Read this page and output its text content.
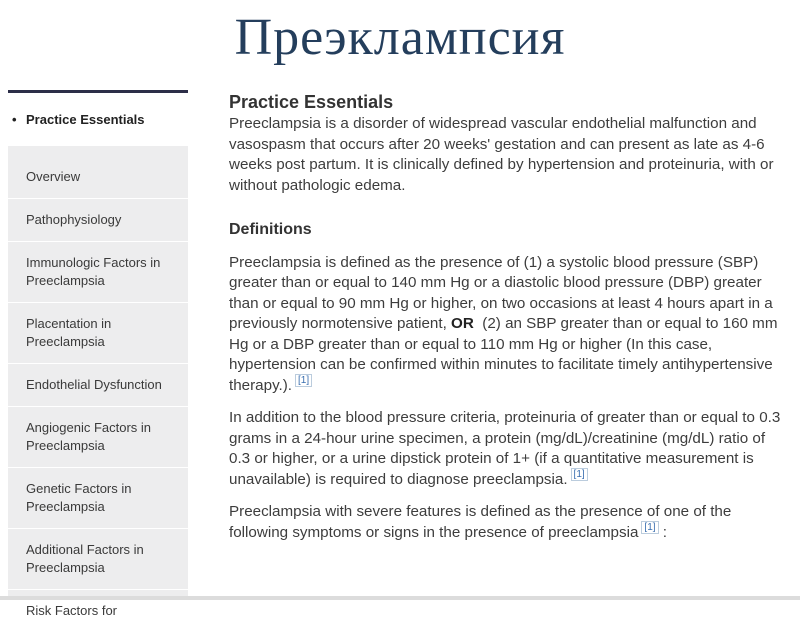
Преэклампсия
• Practice Essentials
Overview
Pathophysiology
Immunologic Factors in Preeclampsia
Placentation in Preeclampsia
Endothelial Dysfunction
Angiogenic Factors in Preeclampsia
Genetic Factors in Preeclampsia
Additional Factors in Preeclampsia
Risk Factors for
Practice Essentials

Preeclampsia is a disorder of widespread vascular endothelial malfunction and vasospasm that occurs after 20 weeks' gestation and can present as late as 4-6 weeks post partum. It is clinically defined by hypertension and proteinuria, with or without pathologic edema.

Definitions

Preeclampsia is defined as the presence of (1) a systolic blood pressure (SBP) greater than or equal to 140 mm Hg or a diastolic blood pressure (DBP) greater than or equal to 90 mm Hg or higher, on two occasions at least 4 hours apart in a previously normotensive patient, OR (2) an SBP greater than or equal to 160 mm Hg or a DBP greater than or equal to 110 mm Hg or higher (In this case, hypertension can be confirmed within minutes to facilitate timely antihypertensive therapy.). [1]

In addition to the blood pressure criteria, proteinuria of greater than or equal to 0.3 grams in a 24-hour urine specimen, a protein (mg/dL)/creatinine (mg/dL) ratio of 0.3 or higher, or a urine dipstick protein of 1+ (if a quantitative measurement is unavailable) is required to diagnose preeclampsia. [1]

Preeclampsia with severe features is defined as the presence of one of the following symptoms or signs in the presence of preeclampsia [1] :
